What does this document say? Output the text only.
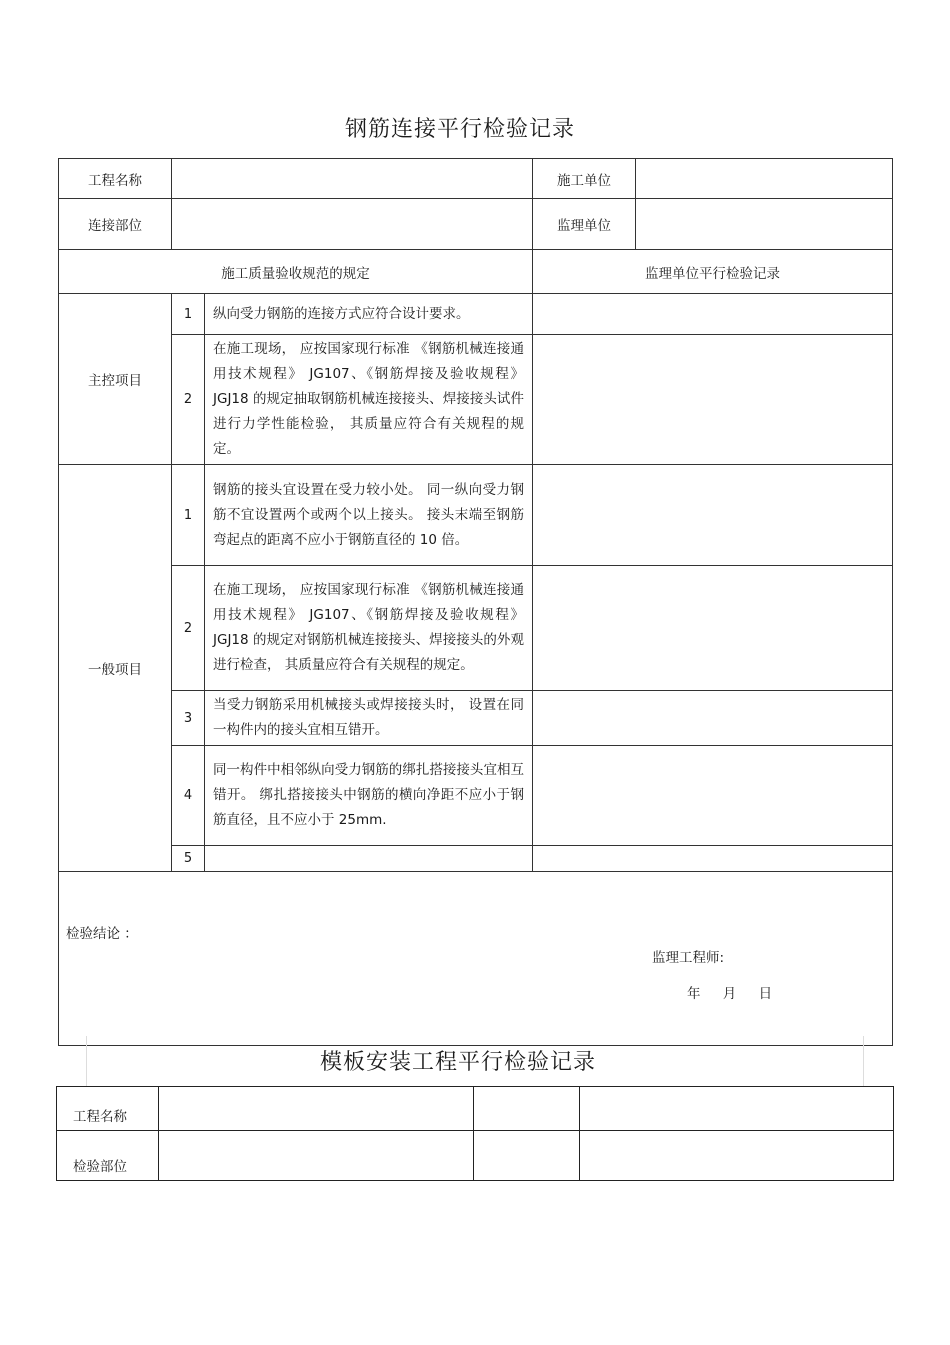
钢筋连接平行检验记录
工程名称			施工单位	
连接部位			监理单位	
施工质量验收规范的规定			监理单位平行检验记录	
主控项目	1	纵向受力钢筋的连接方式应符合设计要求。		
	2	在施工现场， 应按国家现行标准 《钢筋机械连接通用技术规程》 JG107、《钢筋焊接及验收规程》 JGJ18 的规定抽取钢筋机械连接接头、焊接接头试件进行力学性能检验， 其质量应符合有关规程的规定。		
一般项目	1	钢筋的接头宜设置在受力较小处。 同一纵向受力钢筋不宜设置两个或两个以上接头。 接头末端至钢筋弯起点的距离不应小于钢筋直径的 10 倍。		
	2	在施工现场， 应按国家现行标准 《钢筋机械连接通用技术规程》 JG107、《钢筋焊接及验收规程》 JGJ18 的规定对钢筋机械连接接头、焊接接头的外观进行检查， 其质量应符合有关规程的规定。		
	3	当受力钢筋采用机械接头或焊接接头时， 设置在同一构件内的接头宜相互错开。		
	4	同一构件中相邻纵向受力钢筋的绑扎搭接接头宜相互错开。 绑扎搭接接头中钢筋的横向净距不应小于钢筋直径，且不应小于 25mm.		
	5			

检验结论 ：
监理工程师:
年 月 日				
模板安装工程平行检验记录
工程名称			
检验部位			
